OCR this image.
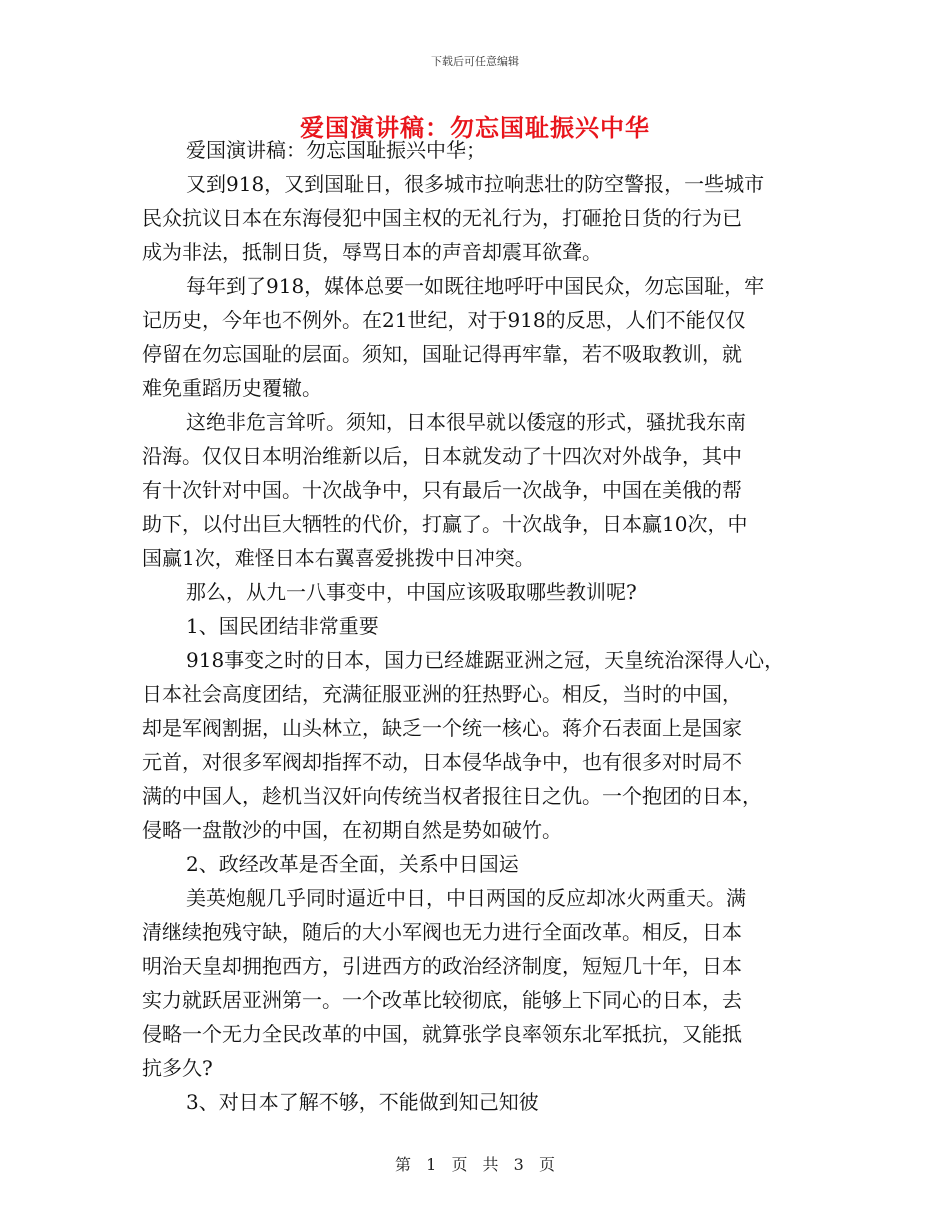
下载后可任意编辑
爱国演讲稿：勿忘国耻振兴中华
爱国演讲稿：勿忘国耻振兴中华；
又到918，又到国耻日，很多城市拉响悲壮的防空警报，一些城市
民众抗议日本在东海侵犯中国主权的无礼行为，打砸抢日货的行为已
成为非法，抵制日货，辱骂日本的声音却震耳欲聋。
每年到了918，媒体总要一如既往地呼吁中国民众，勿忘国耻，牢
记历史，今年也不例外。在21世纪，对于918的反思，人们不能仅仅
停留在勿忘国耻的层面。须知，国耻记得再牢靠，若不吸取教训，就
难免重蹈历史覆辙。
这绝非危言耸听。须知，日本很早就以倭寇的形式，骚扰我东南
沿海。仅仅日本明治维新以后，日本就发动了十四次对外战争，其中
有十次针对中国。十次战争中，只有最后一次战争，中国在美俄的帮
助下，以付出巨大牺牲的代价，打赢了。十次战争，日本赢10次，中
国赢1次，难怪日本右翼喜爱挑拨中日冲突。
那么，从九一八事变中，中国应该吸取哪些教训呢?
1、国民团结非常重要
918事变之时的日本，国力已经雄踞亚洲之冠，天皇统治深得人心，
日本社会高度团结，充满征服亚洲的狂热野心。相反，当时的中国，
却是军阀割据，山头林立，缺乏一个统一核心。蒋介石表面上是国家
元首，对很多军阀却指挥不动，日本侵华战争中，也有很多对时局不
满的中国人，趁机当汉奸向传统当权者报往日之仇。一个抱团的日本，
侵略一盘散沙的中国，在初期自然是势如破竹。
2、政经改革是否全面，关系中日国运
美英炮舰几乎同时逼近中日，中日两国的反应却冰火两重天。满
清继续抱残守缺，随后的大小军阀也无力进行全面改革。相反，日本
明治天皇却拥抱西方，引进西方的政治经济制度，短短几十年，日本
实力就跃居亚洲第一。一个改革比较彻底，能够上下同心的日本，去
侵略一个无力全民改革的中国，就算张学良率领东北军抵抗，又能抵
抗多久?
3、对日本了解不够，不能做到知己知彼
第 1 页 共 3 页
